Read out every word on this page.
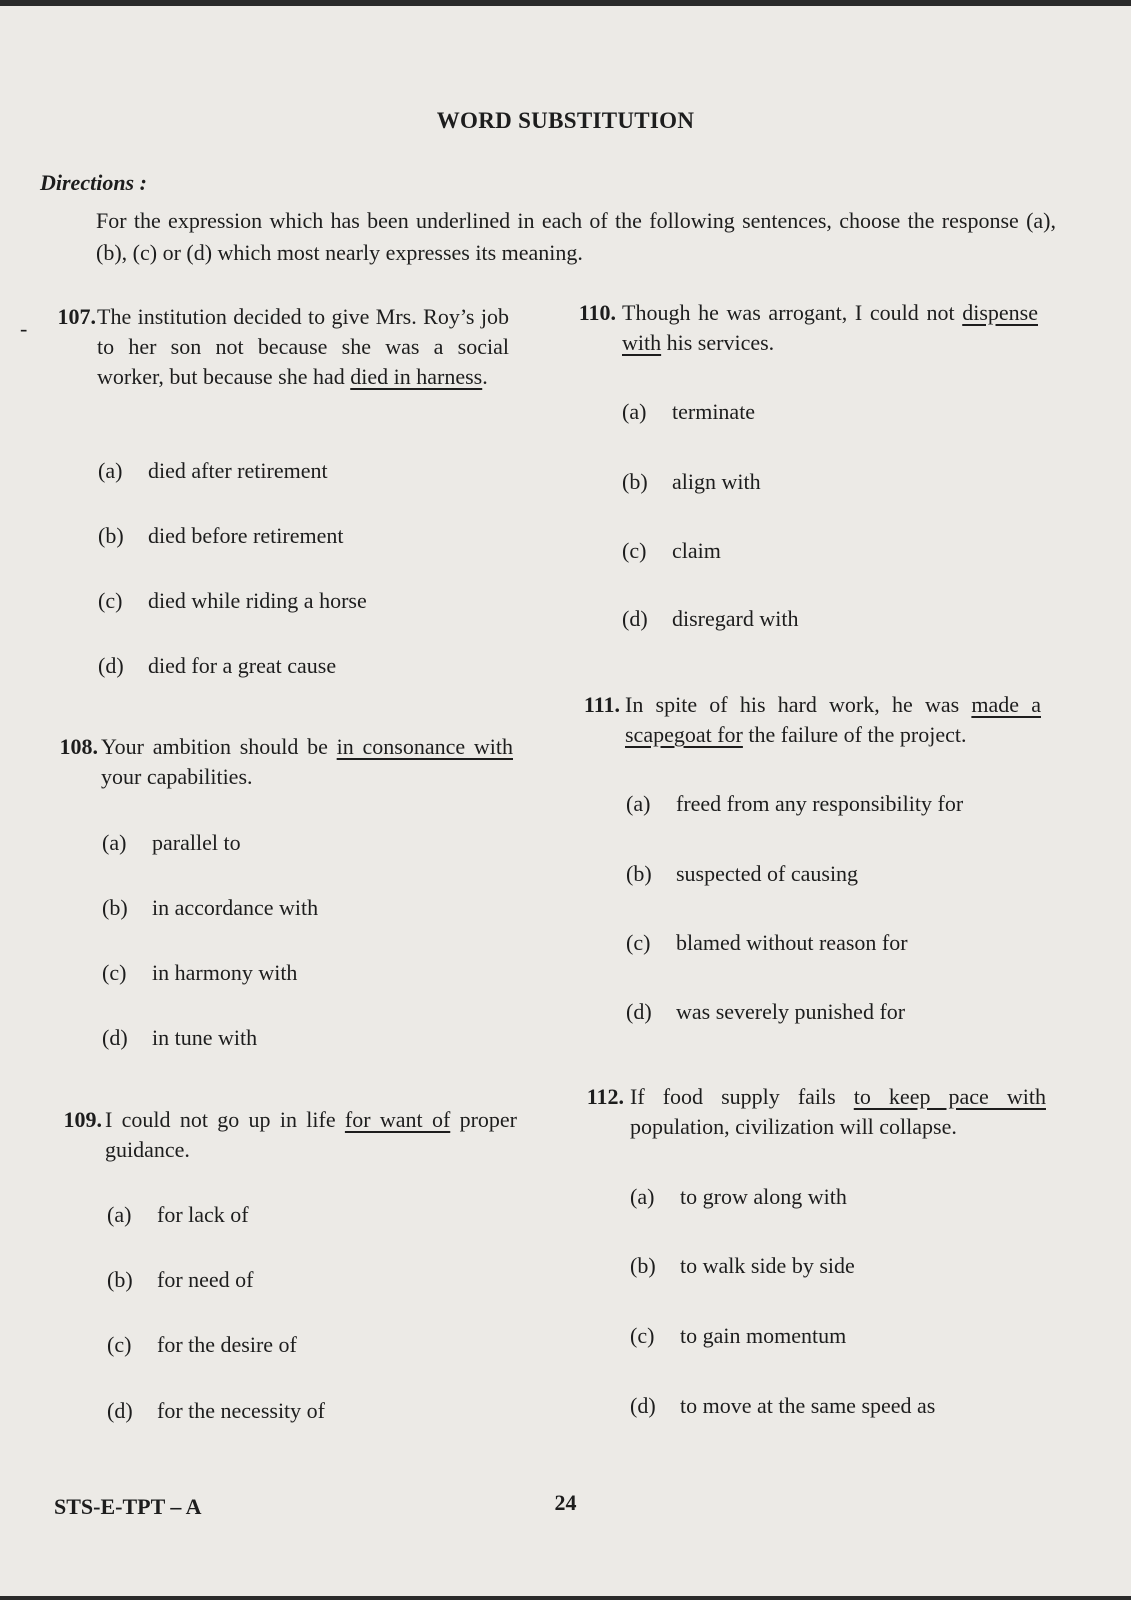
WORD SUBSTITUTION
Directions :
For the expression which has been underlined in each of the following sentences, choose the response (a), (b), (c) or (d) which most nearly expresses its meaning.
-	107. The institution decided to give Mrs. Roy’s job to her son not because she was a social worker, but because she had died in harness.
(a) died after retirement
(b) died before retirement
(c) died while riding a horse
(d) died for a great cause
108. Your ambition should be in consonance with your capabilities.
(a) parallel to
(b) in accordance with
(c) in harmony with
(d) in tune with
109. I could not go up in life for want of proper guidance.
(a) for lack of
(b) for need of
(c) for the desire of
(d) for the necessity of
110. Though he was arrogant, I could not dispense with his services.
(a) terminate
(b) align with
(c) claim
(d) disregard with
111. In spite of his hard work, he was made a scapegoat for the failure of the project.
(a) freed from any responsibility for
(b) suspected of causing
(c) blamed without reason for
(d) was severely punished for
112. If food supply fails to keep pace with population, civilization will collapse.
(a) to grow along with
(b) to walk side by side
(c) to gain momentum
(d) to move at the same speed as
STS-E-TPT – A	24
